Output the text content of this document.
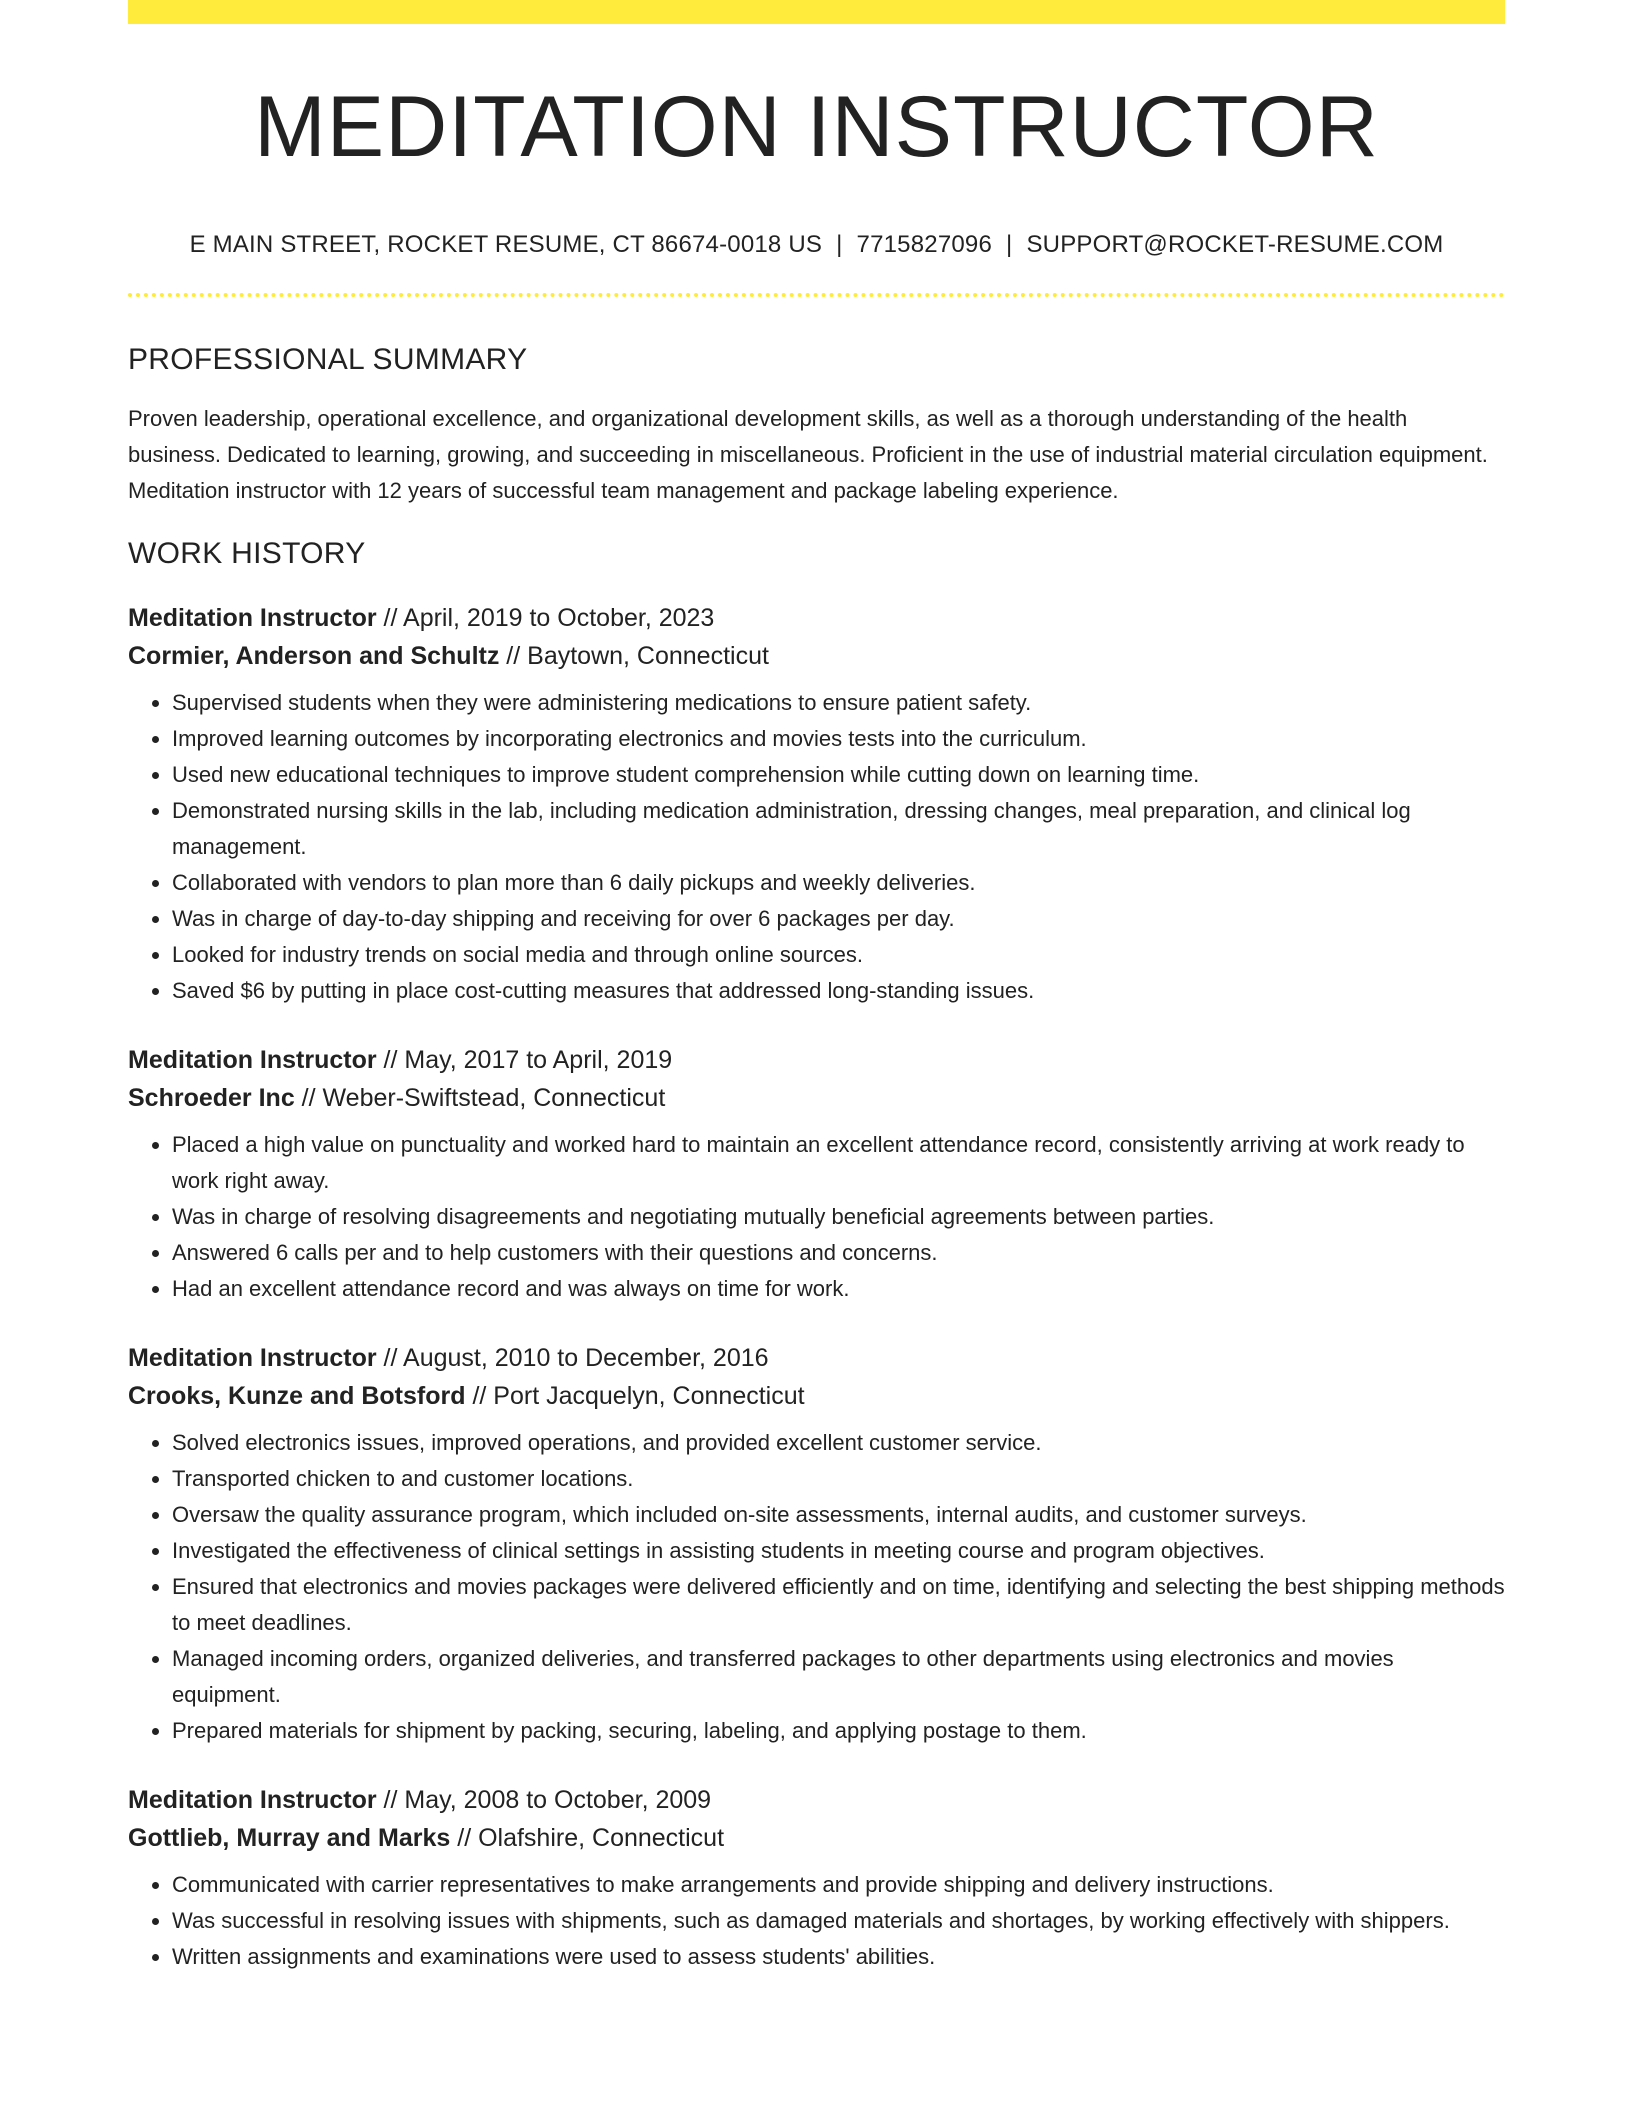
MEDITATION INSTRUCTOR
E MAIN STREET, ROCKET RESUME, CT 86674-0018 US | 7715827096 | SUPPORT@ROCKET-RESUME.COM
PROFESSIONAL SUMMARY
Proven leadership, operational excellence, and organizational development skills, as well as a thorough understanding of the health business. Dedicated to learning, growing, and succeeding in miscellaneous. Proficient in the use of industrial material circulation equipment. Meditation instructor with 12 years of successful team management and package labeling experience.
WORK HISTORY
Meditation Instructor // April, 2019 to October, 2023
Cormier, Anderson and Schultz // Baytown, Connecticut
• Supervised students when they were administering medications to ensure patient safety.
• Improved learning outcomes by incorporating electronics and movies tests into the curriculum.
• Used new educational techniques to improve student comprehension while cutting down on learning time.
• Demonstrated nursing skills in the lab, including medication administration, dressing changes, meal preparation, and clinical log management.
• Collaborated with vendors to plan more than 6 daily pickups and weekly deliveries.
• Was in charge of day-to-day shipping and receiving for over 6 packages per day.
• Looked for industry trends on social media and through online sources.
• Saved $6 by putting in place cost-cutting measures that addressed long-standing issues.
Meditation Instructor // May, 2017 to April, 2019
Schroeder Inc // Weber-Swiftstead, Connecticut
• Placed a high value on punctuality and worked hard to maintain an excellent attendance record, consistently arriving at work ready to work right away.
• Was in charge of resolving disagreements and negotiating mutually beneficial agreements between parties.
• Answered 6 calls per and to help customers with their questions and concerns.
• Had an excellent attendance record and was always on time for work.
Meditation Instructor // August, 2010 to December, 2016
Crooks, Kunze and Botsford // Port Jacquelyn, Connecticut
• Solved electronics issues, improved operations, and provided excellent customer service.
• Transported chicken to and customer locations.
• Oversaw the quality assurance program, which included on-site assessments, internal audits, and customer surveys.
• Investigated the effectiveness of clinical settings in assisting students in meeting course and program objectives.
• Ensured that electronics and movies packages were delivered efficiently and on time, identifying and selecting the best shipping methods to meet deadlines.
• Managed incoming orders, organized deliveries, and transferred packages to other departments using electronics and movies equipment.
• Prepared materials for shipment by packing, securing, labeling, and applying postage to them.
Meditation Instructor // May, 2008 to October, 2009
Gottlieb, Murray and Marks // Olafshire, Connecticut
• Communicated with carrier representatives to make arrangements and provide shipping and delivery instructions.
• Was successful in resolving issues with shipments, such as damaged materials and shortages, by working effectively with shippers.
• Written assignments and examinations were used to assess students' abilities.
